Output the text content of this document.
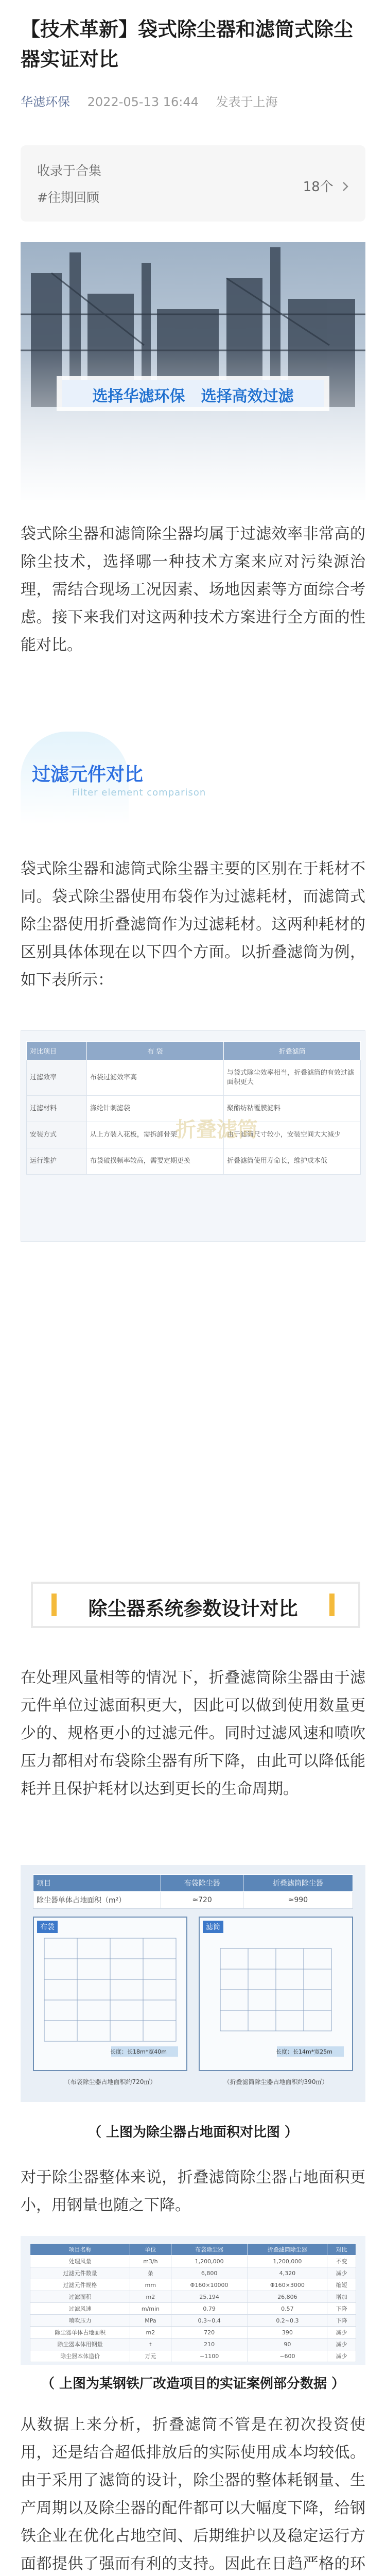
【技术革新】袋式除尘器和滤筒式除尘器实证对比
华滤环保 2022-05-13 16:44 发表于上海
收录于合集
#往期回顾
18个
选择华滤环保   选择高效过滤

袋式除尘器和滤筒除尘器均属于过滤效率非常高的除尘技术，选择哪一种技术方案来应对污染源治理，需结合现场工况因素、场地因素等方面综合考虑。接下来我们对这两种技术方案进行全方面的性能对比。

过滤元件对比
Filter element comparison

袋式除尘器和滤筒式除尘器主要的区别在于耗材不同。袋式除尘器使用布袋作为过滤耗材，而滤筒式除尘器使用折叠滤筒作为过滤耗材。这两种耗材的区别具体体现在以下四个方面。以折叠滤筒为例，如下表所示：

对比项目	布 袋	折叠滤筒
过滤效率	布袋过滤效率高	与袋式除尘效率相当，折叠滤筒的有效过滤面积更大
过滤材料	涤纶针刺滤袋	聚酯纺粘覆膜滤料
安装方式	从上方装入花板，需拆卸骨架	由于滤筒尺寸较小，安装空间大大减少
运行维护	布袋破损频率较高，需要定期更换	折叠滤筒使用寿命长，维护成本低
折叠滤筒
除尘器系统参数设计对比

在处理风量相等的情况下，折叠滤筒除尘器由于滤元件单位过滤面积更大，因此可以做到使用数量更少的、规格更小的过滤元件。同时过滤风速和喷吹压力都相对布袋除尘器有所下降，由此可以降低能耗并且保护耗材以达到更长的生命周期。

项目	布袋除尘器	折叠滤筒除尘器
除尘器单体占地面积（m²）	≈720	≈990
布袋
长度：长18m*宽40m
滤筒
长度：长14m*宽25m
（布袋除尘器占地面积约720㎡）	（折叠滤筒除尘器占地面积约390㎡）
（ 上图为除尘器占地面积对比图 ）

对于除尘器整体来说，折叠滤筒除尘器占地面积更小，用钢量也随之下降。

项目名称	单位	布袋除尘器	折叠滤筒除尘器	对比
处理风量	m3/h	1,200,000	1,200,000	不变
过滤元件数量	条	6,800	4,320	减少
过滤元件规格	mm	Φ160×10000	Φ160×3000	缩短
过滤面积	m2	25,194	26,806	增加
过滤风速	m/min	0.79	0.57	下降
喷吹压力	MPa	0.3~0.4	0.2~0.3	下降
除尘器单体占地面积	m2	720	390	减少
除尘器本体用钢量	t	210	90	减少
除尘器本体造价	万元	~1100	~600	减少
（ 上图为某钢铁厂改造项目的实证案例部分数据 ）

从数据上来分析，折叠滤筒不管是在初次投资使用，还是结合超低排放后的实际使用成本均较低。由于采用了滤筒的设计，除尘器的整体耗钢量、生产周期以及除尘器的配件都可以大幅度下降，给钢铁企业在优化占地空间、后期维护以及稳定运行方面都提供了强而有利的支持。因此在日趋严格的环
